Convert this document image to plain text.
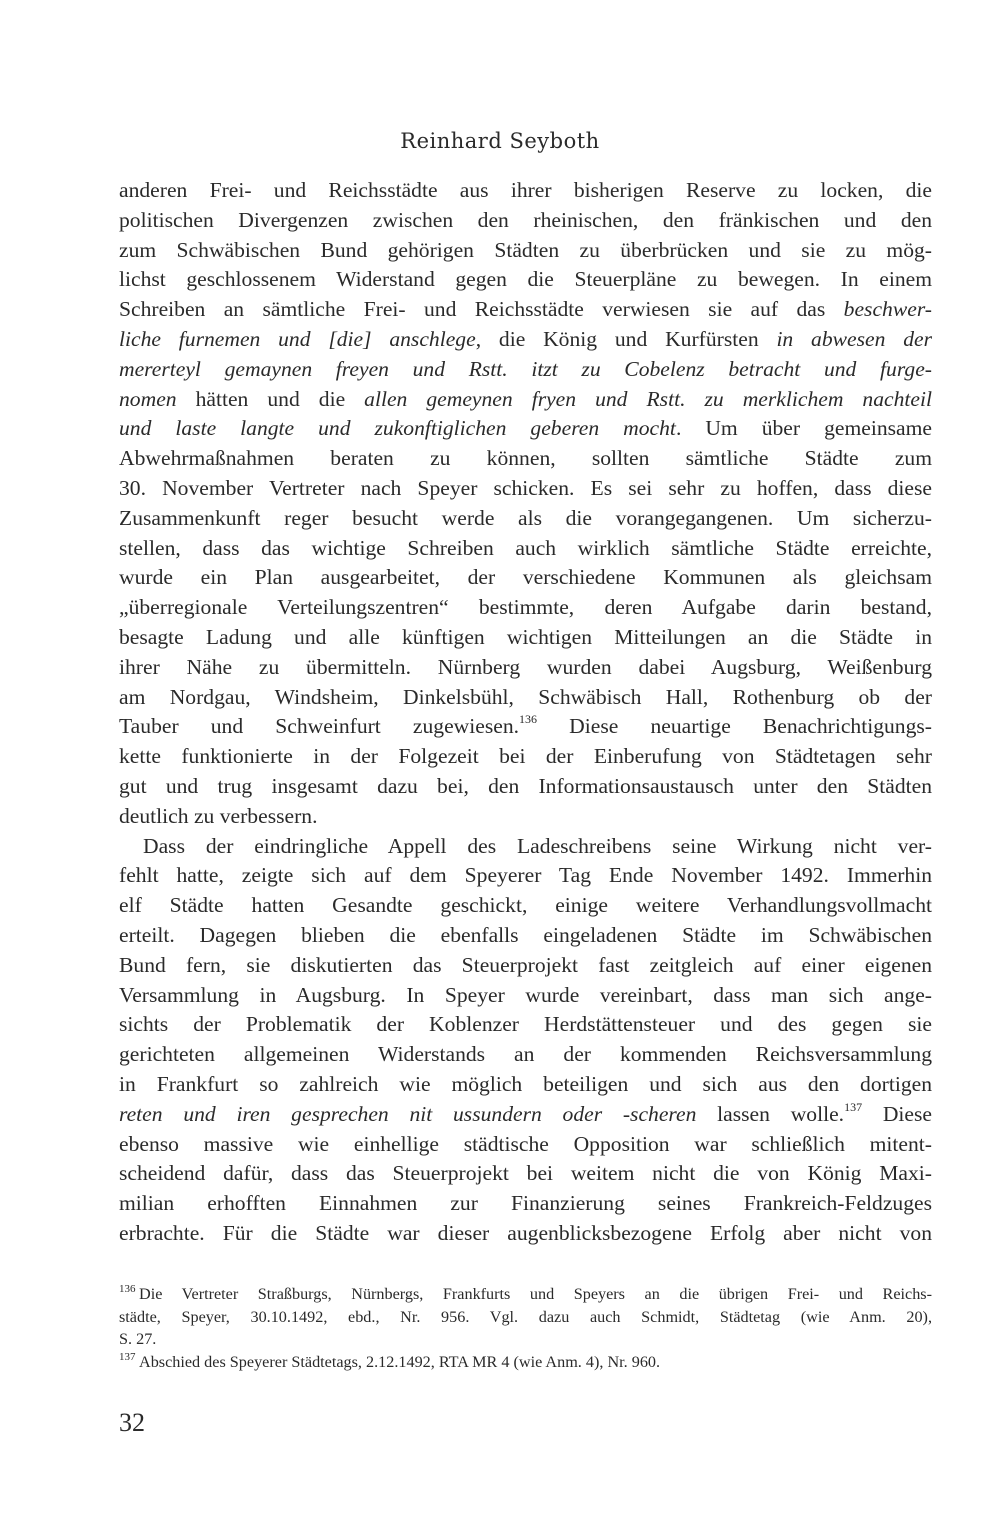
Reinhard Seyboth
anderen Frei- und Reichsstädte aus ihrer bisherigen Reserve zu locken, die
politischen Divergenzen zwischen den rheinischen, den fränkischen und den
zum Schwäbischen Bund gehörigen Städten zu überbrücken und sie zu mög-
lichst geschlossenem Widerstand gegen die Steuerpläne zu bewegen. In einem
Schreiben an sämtliche Frei- und Reichsstädte verwiesen sie auf das beschwer-
liche furnemen und [die] anschlege, die König und Kurfürsten in abwesen der
mererteyl gemaynen freyen und Rstt. itzt zu Cobelenz betracht und furge-
nomen hätten und die allen gemeynen fryen und Rstt. zu merklichem nachteil
und laste langte und zukonftiglichen geberen mocht. Um über gemeinsame
Abwehrmaßnahmen beraten zu können, sollten sämtliche Städte zum
30. November Vertreter nach Speyer schicken. Es sei sehr zu hoffen, dass diese
Zusammenkunft reger besucht werde als die vorangegangenen. Um sicherzu-
stellen, dass das wichtige Schreiben auch wirklich sämtliche Städte erreichte,
wurde ein Plan ausgearbeitet, der verschiedene Kommunen als gleichsam
„überregionale Verteilungszentren“ bestimmte, deren Aufgabe darin bestand,
besagte Ladung und alle künftigen wichtigen Mitteilungen an die Städte in
ihrer Nähe zu übermitteln. Nürnberg wurden dabei Augsburg, Weißenburg
am Nordgau, Windsheim, Dinkelsbühl, Schwäbisch Hall, Rothenburg ob der
Tauber und Schweinfurt zugewiesen.$^{136}$ Diese neuartige Benachrichtigungs-
kette funktionierte in der Folgezeit bei der Einberufung von Städtetagen sehr
gut und trug insgesamt dazu bei, den Informationsaustausch unter den Städten
deutlich zu verbessern.
Dass der eindringliche Appell des Ladeschreibens seine Wirkung nicht ver-
fehlt hatte, zeigte sich auf dem Speyerer Tag Ende November 1492. Immerhin
elf Städte hatten Gesandte geschickt, einige weitere Verhandlungsvollmacht
erteilt. Dagegen blieben die ebenfalls eingeladenen Städte im Schwäbischen
Bund fern, sie diskutierten das Steuerprojekt fast zeitgleich auf einer eigenen
Versammlung in Augsburg. In Speyer wurde vereinbart, dass man sich ange-
sichts der Problematik der Koblenzer Herdstättensteuer und des gegen sie
gerichteten allgemeinen Widerstands an der kommenden Reichsversammlung
in Frankfurt so zahlreich wie möglich beteiligen und sich aus den dortigen
reten und iren gesprechen nit ussundern oder -scheren lassen wolle.$^{137}$ Diese
ebenso massive wie einhellige städtische Opposition war schließlich mitent-
scheidend dafür, dass das Steuerprojekt bei weitem nicht die von König Maxi-
milian erhofften Einnahmen zur Finanzierung seines Frankreich-Feldzuges
erbrachte. Für die Städte war dieser augenblicksbezogene Erfolg aber nicht von
136 Die Vertreter Straßburgs, Nürnbergs, Frankfurts und Speyers an die übrigen Frei- und Reichs-
städte, Speyer, 30.10.1492, ebd., Nr. 956. Vgl. dazu auch Schmidt, Städtetag (wie Anm. 20),
S. 27.
137 Abschied des Speyerer Städtetags, 2.12.1492, RTA MR 4 (wie Anm. 4), Nr. 960.
32
